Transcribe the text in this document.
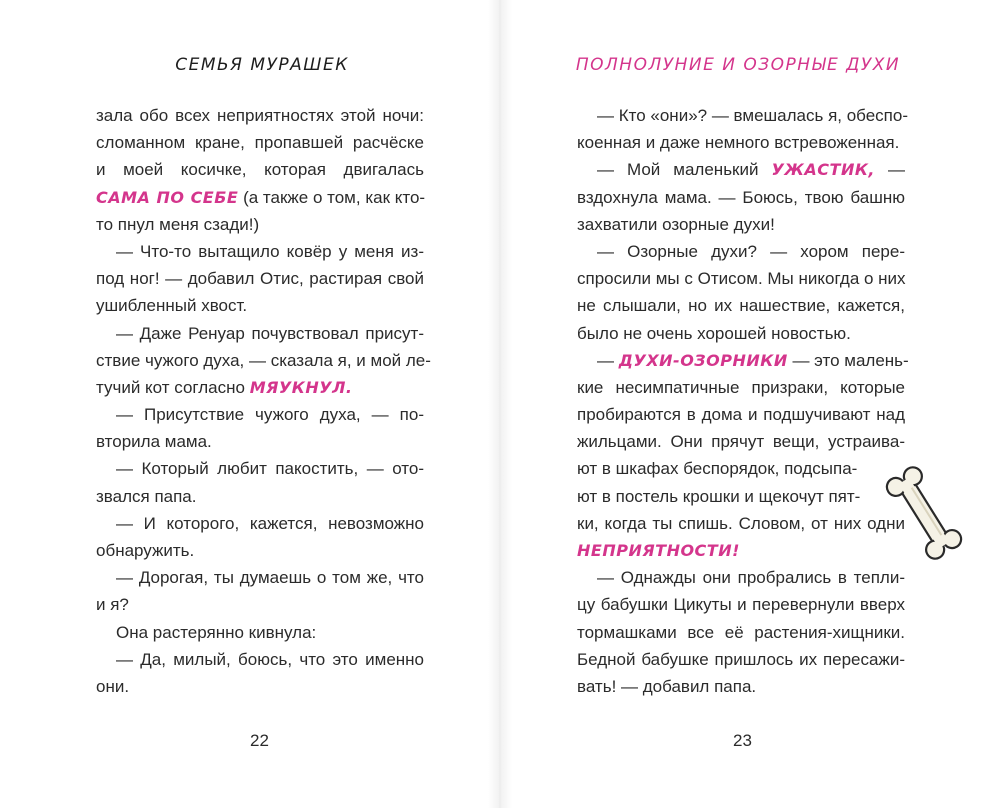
СЕМЬЯ МУРАШЕК
зала обо всех неприятностях этой ночи:
сломанном кране, пропавшей расчёске
и моей косичке, которая двигалась
САМА ПО СЕБЕ (а также о том, как кто-
то пнул меня сзади!)
— Что-то вытащило ковёр у меня из-
под ног! — добавил Отис, растирая свой
ушибленный хвост.
— Даже Ренуар почувствовал присут-
ствие чужого духа, — сказала я, и мой ле-
тучий кот согласно МЯУКНУЛ.
— Присутствие чужого духа, — по-
вторила мама.
— Который любит пакостить, — ото-
звался папа.
— И которого, кажется, невозможно
обнаружить.
— Дорогая, ты думаешь о том же, что
и я?
Она растерянно кивнула:
— Да, милый, боюсь, что это именно
они.
22
ПОЛНОЛУНИЕ И ОЗОРНЫЕ ДУХИ
— Кто «они»? — вмешалась я, обеспо-
коенная и даже немного встревоженная.
— Мой маленький УЖАСТИК, —
вздохнула мама. — Боюсь, твою башню
захватили озорные духи!
— Озорные духи? — хором пере-
спросили мы с Отисом. Мы никогда о них
не слышали, но их нашествие, кажется,
было не очень хорошей новостью.
— ДУХИ-ОЗОРНИКИ — это малень-
кие несимпатичные призраки, которые
пробираются в дома и подшучивают над
жильцами. Они прячут вещи, устраива-
ют в шкафах беспорядок, подсыпа-
ют в постель крошки и щекочут пят-
ки, когда ты спишь. Словом, от них одни
НЕПРИЯТНОСТИ!
— Однажды они пробрались в тепли-
цу бабушки Цикуты и перевернули вверх
тормашками все её растения-хищники.
Бедной бабушке пришлось их пересажи-
вать! — добавил папа.
23
